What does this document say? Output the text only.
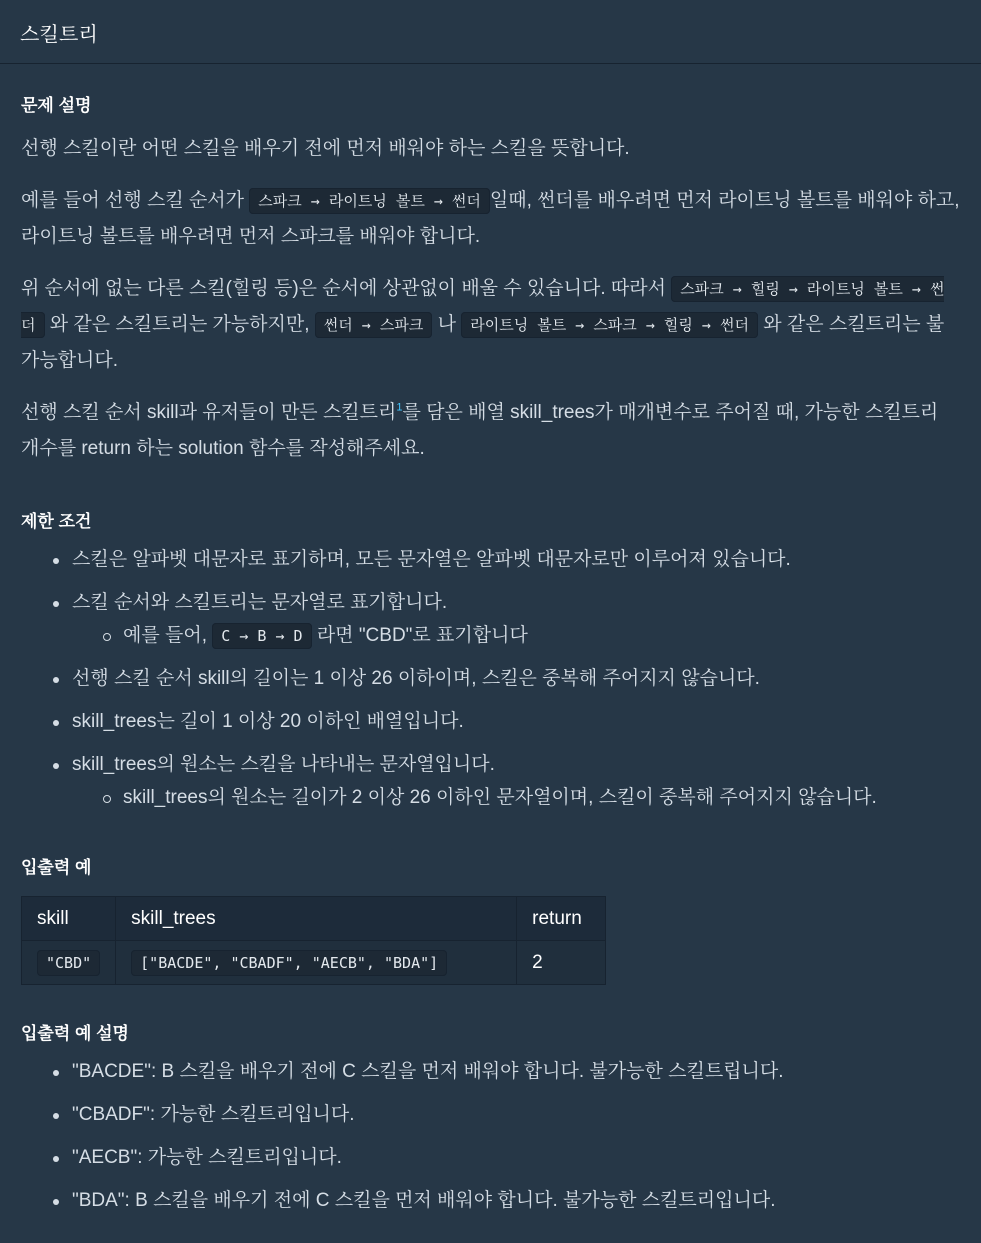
스킬트리
문제 설명

선행 스킬이란 어떤 스킬을 배우기 전에 먼저 배워야 하는 스킬을 뜻합니다.

예를 들어 선행 스킬 순서가 스파크 → 라이트닝 볼트 → 썬더 일때, 썬더를 배우려면 먼저 라이트닝 볼트를 배워야 하고, 라이트닝 볼트를 배우려면 먼저 스파크를 배워야 합니다.

위 순서에 없는 다른 스킬(힐링 등)은 순서에 상관없이 배울 수 있습니다. 따라서 스파크 → 힐링 → 라이트닝 볼트 → 썬더 와 같은 스킬트리는 가능하지만, 썬더 → 스파크 나 라이트닝 볼트 → 스파크 → 힐링 → 썬더 와 같은 스킬트리는 불가능합니다.

선행 스킬 순서 skill과 유저들이 만든 스킬트리$^1$를 담은 배열 skill_trees가 매개변수로 주어질 때, 가능한 스킬트리 개수를 return 하는 solution 함수를 작성해주세요.

제한 조건
스킬은 알파벳 대문자로 표기하며, 모든 문자열은 알파벳 대문자로만 이루어져 있습니다.
스킬 순서와 스킬트리는 문자열로 표기합니다.
예를 들어, C → B → D 라면 "CBD"로 표기합니다
선행 스킬 순서 skill의 길이는 1 이상 26 이하이며, 스킬은 중복해 주어지지 않습니다.
skill_trees는 길이 1 이상 20 이하인 배열입니다.
skill_trees의 원소는 스킬을 나타내는 문자열입니다.
skill_trees의 원소는 길이가 2 이상 26 이하인 문자열이며, 스킬이 중복해 주어지지 않습니다.
입출력 예
skill	skill_trees	return
"CBD"	["BACDE", "CBADF", "AECB", "BDA"]	2
입출력 예 설명
"BACDE": B 스킬을 배우기 전에 C 스킬을 먼저 배워야 합니다. 불가능한 스킬트립니다.
"CBADF": 가능한 스킬트리입니다.
"AECB": 가능한 스킬트리입니다.
"BDA": B 스킬을 배우기 전에 C 스킬을 먼저 배워야 합니다. 불가능한 스킬트리입니다.
